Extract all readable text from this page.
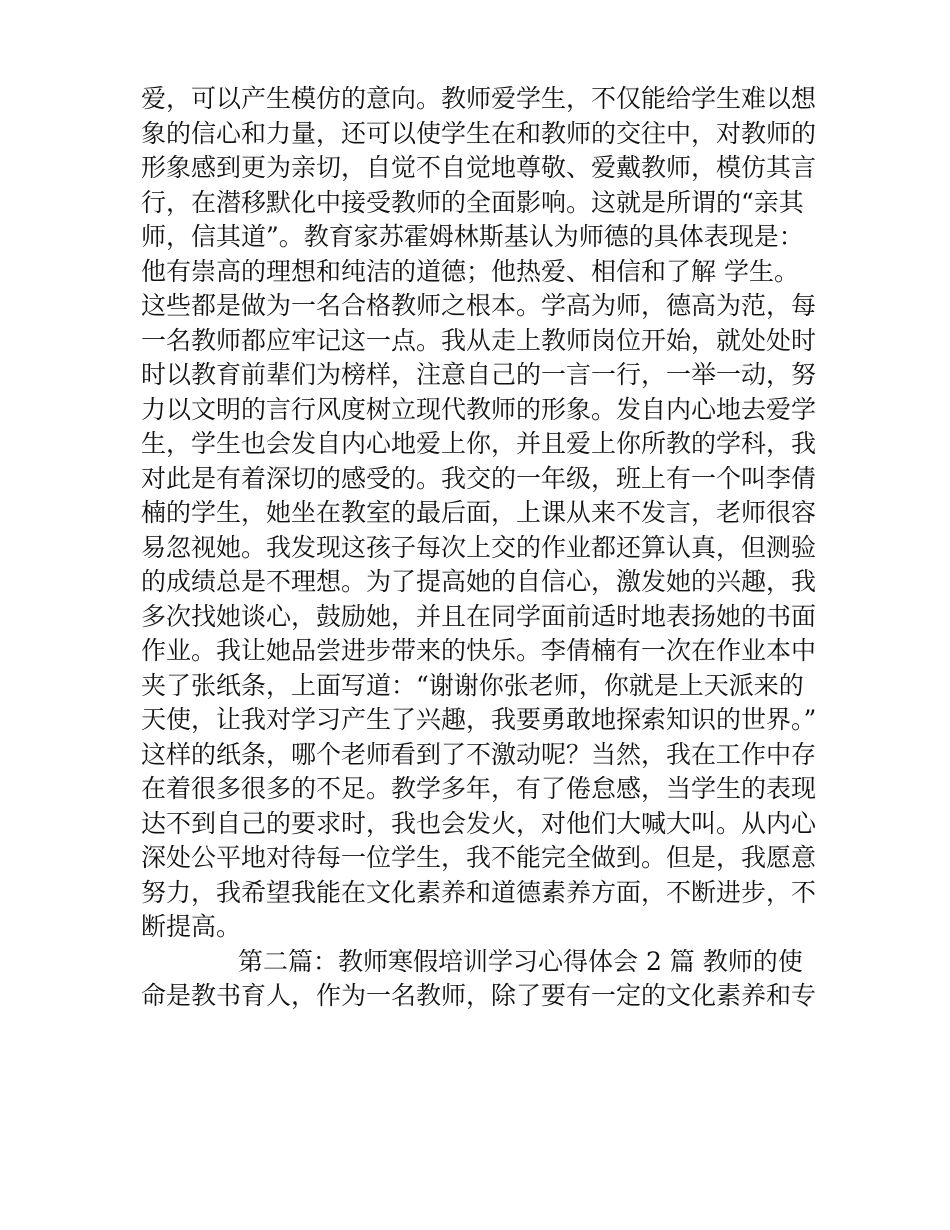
爱，可以产生模仿的意向。教师爱学生，不仅能给学生难以想
象的信心和力量，还可以使学生在和教师的交往中，对教师的
形象感到更为亲切，自觉不自觉地尊敬、爱戴教师，模仿其言
行，在潜移默化中接受教师的全面影响。这就是所谓的“亲其
师，信其道”。教育家苏霍姆林斯基认为师德的具体表现是：
他有崇高的理想和纯洁的道德；他热爱、相信和了解 学生。
这些都是做为一名合格教师之根本。学高为师，德高为范，每
一名教师都应牢记这一点。我从走上教师岗位开始，就处处时
时以教育前辈们为榜样，注意自己的一言一行，一举一动，努
力以文明的言行风度树立现代教师的形象。发自内心地去爱学
生，学生也会发自内心地爱上你，并且爱上你所教的学科，我
对此是有着深切的感受的。我交的一年级，班上有一个叫李倩
楠的学生，她坐在教室的最后面，上课从来不发言，老师很容
易忽视她。我发现这孩子每次上交的作业都还算认真，但测验
的成绩总是不理想。为了提高她的自信心，激发她的兴趣，我
多次找她谈心，鼓励她，并且在同学面前适时地表扬她的书面
作业。我让她品尝进步带来的快乐。李倩楠有一次在作业本中
夹了张纸条，上面写道：“谢谢你张老师，你就是上天派来的
天使，让我对学习产生了兴趣，我要勇敢地探索知识的世界。”
这样的纸条，哪个老师看到了不激动呢？当然，我在工作中存
在着很多很多的不足。教学多年，有了倦怠感，当学生的表现
达不到自己的要求时，我也会发火，对他们大喊大叫。从内心
深处公平地对待每一位学生，我不能完全做到。但是，我愿意
努力，我希望我能在文化素养和道德素养方面，不断进步，不
断提高。
第二篇：教师寒假培训学习心得体会 2 篇 教师的使
命是教书育人，作为一名教师，除了要有一定的文化素养和专
